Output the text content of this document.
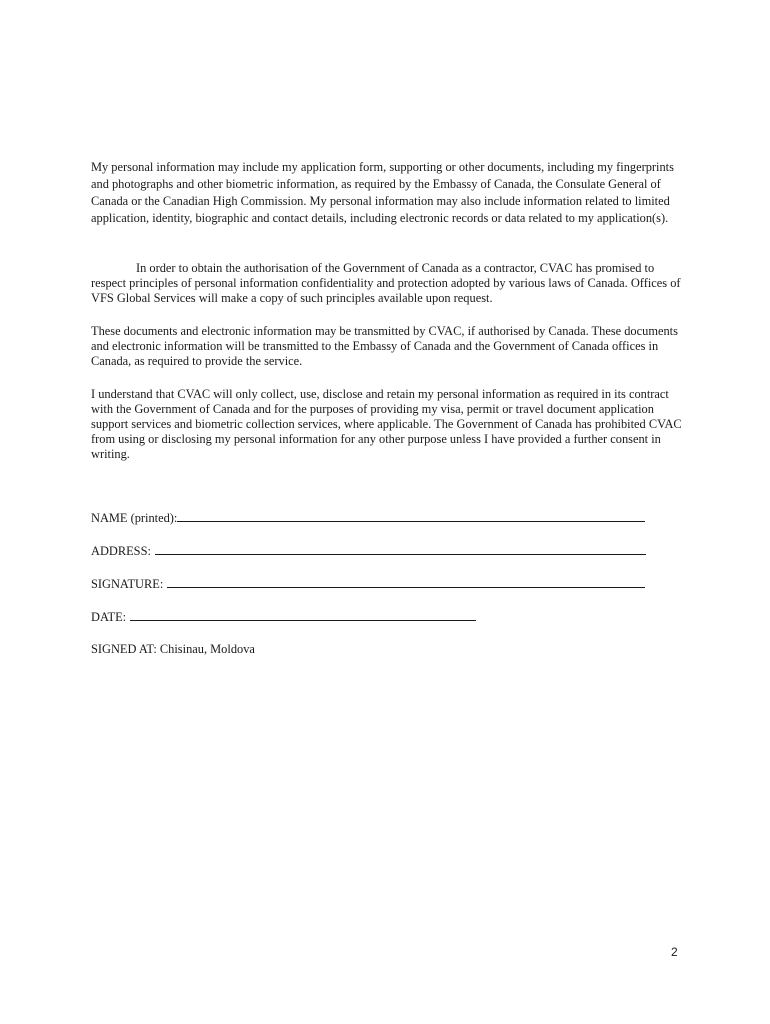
My personal information may include my application form, supporting or other documents, including my fingerprints and photographs and other biometric information, as required by the Embassy of Canada, the Consulate General of Canada or the Canadian High Commission. My personal information may also include information related to limited application, identity, biographic and contact details, including electronic records or data related to my application(s).

In order to obtain the authorisation of the Government of Canada as a contractor, CVAC has promised to respect principles of personal information confidentiality and protection adopted by various laws of Canada. Offices of VFS Global Services will make a copy of such principles available upon request.

These documents and electronic information may be transmitted by CVAC, if authorised by Canada. These documents and electronic information will be transmitted to the Embassy of Canada and the Government of Canada offices in Canada, as required to provide the service.

I understand that CVAC will only collect, use, disclose and retain my personal information as required in its contract with the Government of Canada and for the purposes of providing my visa, permit or travel document application support services and biometric collection services, where applicable. The Government of Canada has prohibited CVAC from using or disclosing my personal information for any other purpose unless I have provided a further consent in writing.

NAME (printed):
ADDRESS:
SIGNATURE:
DATE:
SIGNED AT: Chisinau, Moldova
2
